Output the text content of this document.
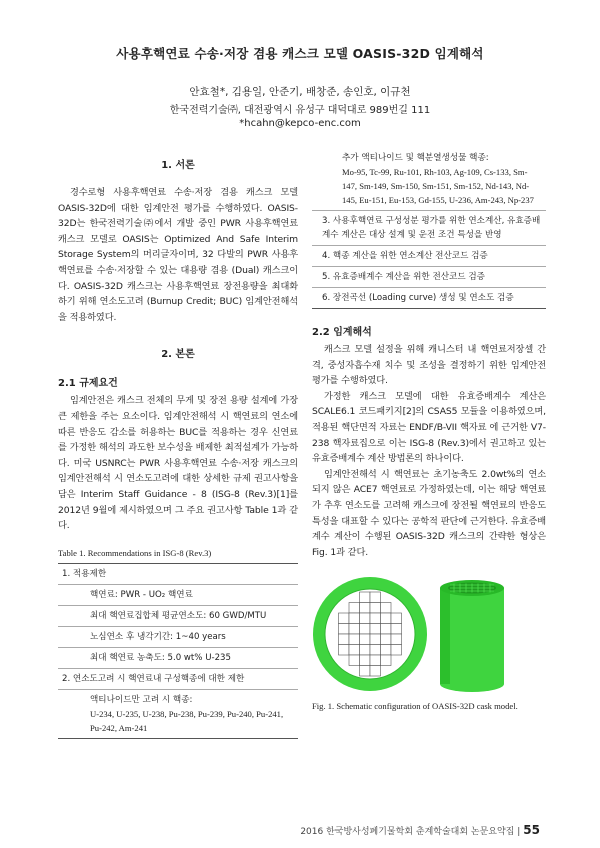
사용후핵연료 수송·저장 겸용 캐스크 모델 OASIS-32D 임계해석
안효철*, 김용일, 안준기, 배창준, 송인호, 이규천
한국전력기술㈜, 대전광역시 유성구 대덕대로 989번길 111
*hcahn@kepco-enc.com
1. 서론

경수로형 사용후핵연료 수송·저장 겸용 캐스크 모델 OASIS-32D에 대한 임계안전 평가를 수행하였다. OASIS-32D는 한국전력기술㈜에서 개발 중인 PWR 사용후핵연료 캐스크 모델로 OASIS는 Optimized And Safe Interim Storage System의 머리글자이며, 32 다발의 PWR 사용후핵연료를 수송·저장할 수 있는 대용량 겸용 (Dual) 캐스크이다. OASIS-32D 캐스크는 사용후핵연료 장전용량을 최대화하기 위해 연소도고려 (Burnup Credit; BUC) 임계안전해석을 적용하였다.

2. 본론
2.1 규제요건

임계안전은 캐스크 전체의 무게 및 장전 용량 설계에 가장 큰 제한을 주는 요소이다. 임계안전해석 시 핵연료의 연소에 따른 반응도 감소를 허용하는 BUC를 적용하는 경우 신연료를 가정한 해석의 과도한 보수성을 배제한 최적설계가 가능하다. 미국 USNRC는 PWR 사용후핵연료 수송·저장 캐스크의 임계안전해석 시 연소도고려에 대한 상세한 규제 권고사항을 담은 Interim Staff Guidance - 8 (ISG-8 (Rev.3)[1]를 2012년 9월에 제시하였으며 그 주요 권고사항 Table 1과 같다.

Table 1. Recommendations in ISG-8 (Rev.3)
1. 적용제한
핵연료: PWR - UO₂ 핵연료
최대 핵연료집합체 평균연소도: 60 GWD/MTU
노심연소 후 냉각기간: 1~40 years
최대 핵연료 농축도: 5.0 wt% U-235
2. 연소도고려 시 핵연료내 구성핵종에 대한 제한
액티나이드만 고려 시 핵종:
U-234, U-235, U-238, Pu-238, Pu-239, Pu-240, Pu-241, Pu-242, Am-241
추가 액티나이드 및 핵분열생성물 핵종:
Mo-95, Tc-99, Ru-101, Rh-103, Ag-109, Cs-133, Sm-147, Sm-149, Sm-150, Sm-151, Sm-152, Nd-143, Nd-145, Eu-151, Eu-153, Gd-155, U-236, Am-243, Np-237
3. 사용후핵연료 구성성분 평가를 위한 연소계산, 유효증배계수 계산은 대상 설계 및 운전 조건 특성을 반영
4. 핵종 계산을 위한 연소계산 전산코드 검증
5. 유효증배계수 계산을 위한 전산코드 검증
6. 장전곡선 (Loading curve) 생성 및 연소도 검증
2.2 임계해석

캐스크 모델 설정을 위해 캐니스터 내 핵연료저장셀 간격, 중성자흡수재 치수 및 조성을 결정하기 위한 임계안전 평가를 수행하였다.

가정한 캐스크 모델에 대한 유효증배계수 계산은 SCALE6.1 코드패키지[2]의 CSAS5 모듈을 이용하였으며, 적용된 핵단면적 자료는 ENDF/B-VII 핵자료 에 근거한 V7-238 핵자료집으로 이는 ISG-8 (Rev.3)에서 권고하고 있는 유효증배계수 계산 방법론의 하나이다.

임계안전해석 시 핵연료는 초기농축도 2.0wt%의 연소되지 않은 ACE7 핵연료로 가정하였는데, 이는 해당 핵연료가 추후 연소도를 고려해 캐스크에 장전될 핵연료의 반응도 특성을 대표할 수 있다는 공학적 판단에 근거한다. 유효증배계수 계산이 수행된 OASIS-32D 캐스크의 간략한 형상은 Fig. 1과 같다.

Fig. 1. Schematic configuration of OASIS-32D cask model.
2016 한국방사성폐기물학회 춘계학술대회 논문요약집 | 55
